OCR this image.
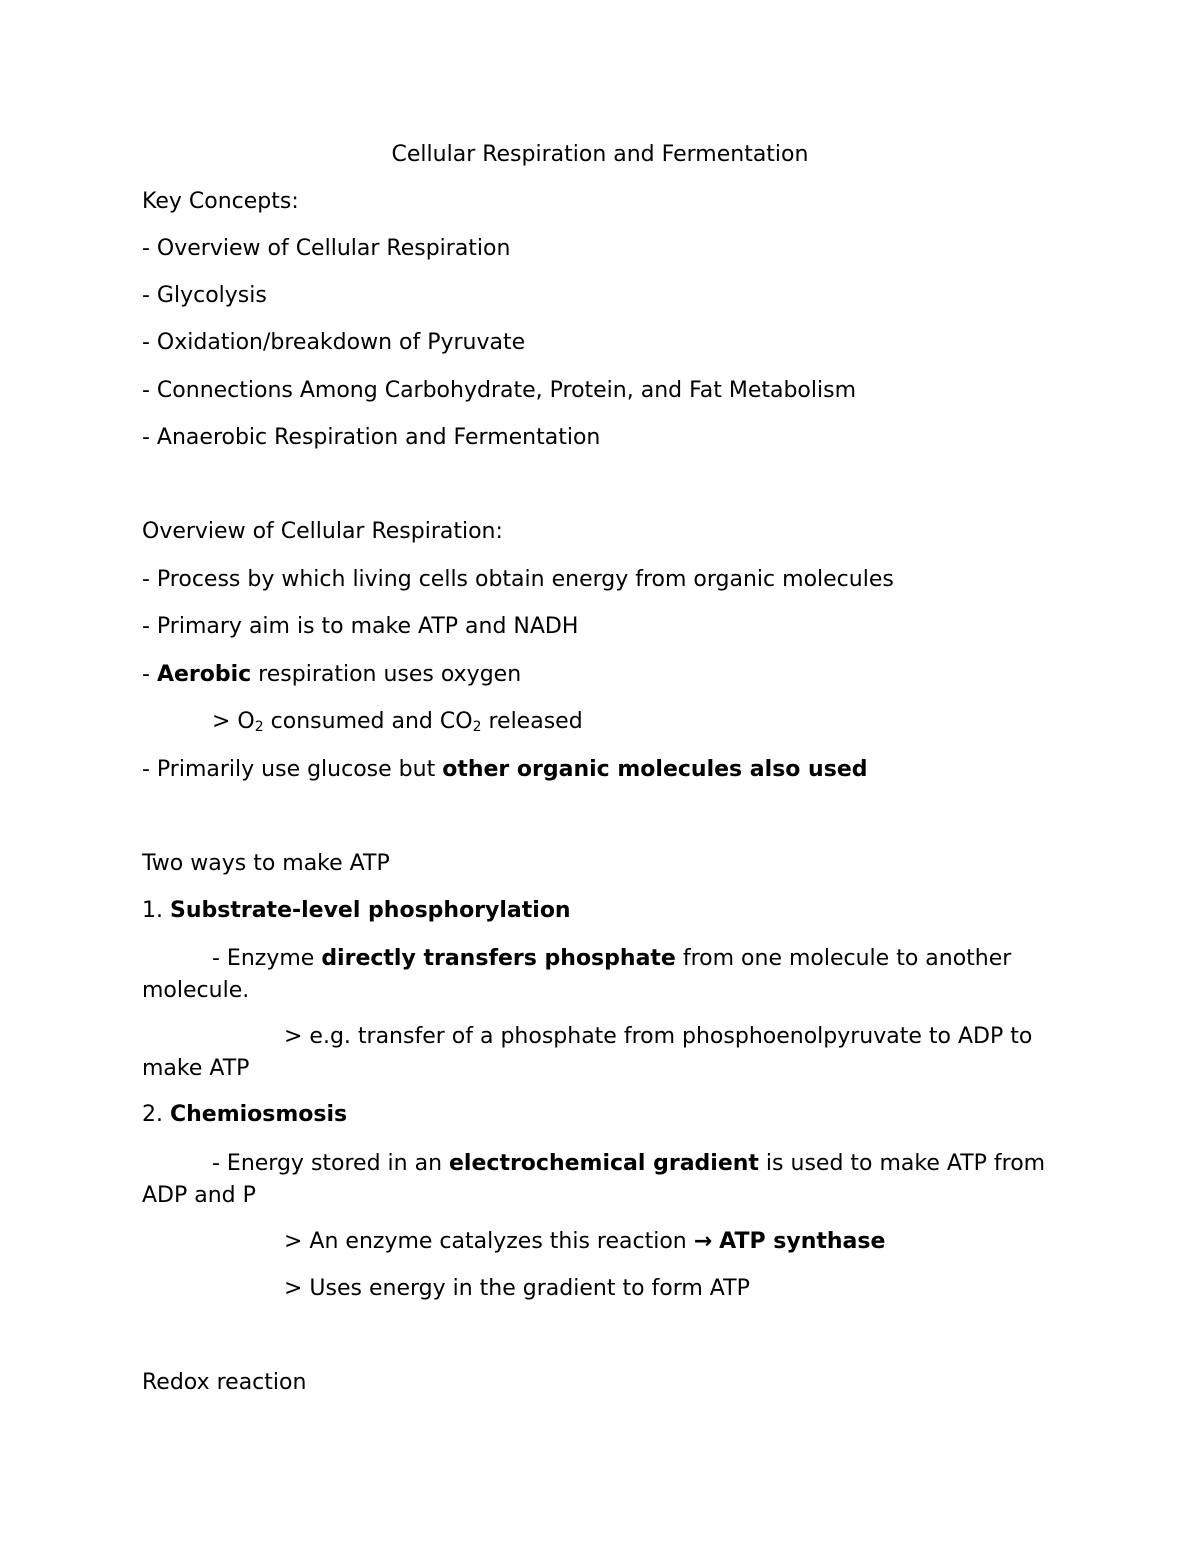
Cellular Respiration and Fermentation

Key Concepts:

- Overview of Cellular Respiration

- Glycolysis

- Oxidation/breakdown of Pyruvate

- Connections Among Carbohydrate, Protein, and Fat Metabolism

- Anaerobic Respiration and Fermentation

Overview of Cellular Respiration:

- Process by which living cells obtain energy from organic molecules

- Primary aim is to make ATP and NADH

- Aerobic respiration uses oxygen

> $O_2$ consumed and $CO_2$ released

- Primarily use glucose but other organic molecules also used

Two ways to make ATP

1. Substrate-level phosphorylation

- Enzyme directly transfers phosphate from one molecule to another molecule.

> e.g. transfer of a phosphate from phosphoenolpyruvate to ADP to make ATP

2. Chemiosmosis

- Energy stored in an electrochemical gradient is used to make ATP from ADP and P

> An enzyme catalyzes this reaction → ATP synthase

> Uses energy in the gradient to form ATP

Redox reaction
